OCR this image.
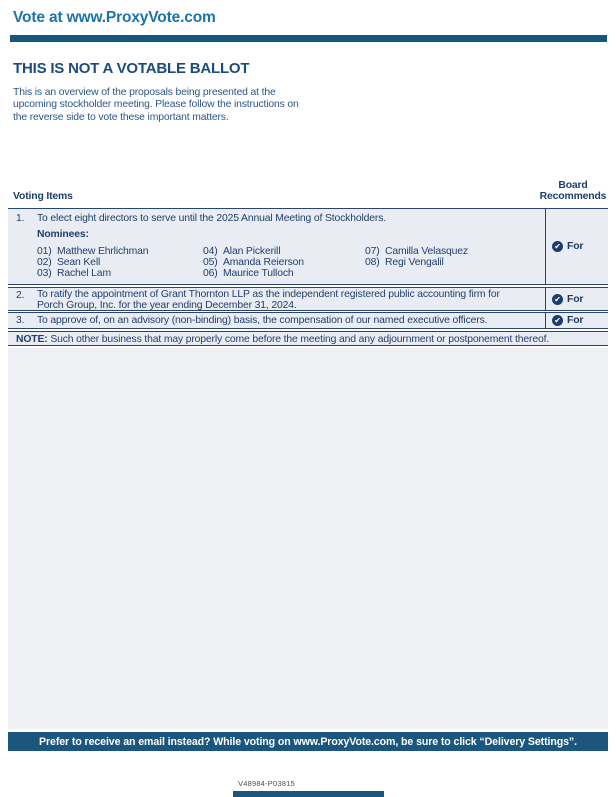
Vote at www.ProxyVote.com
THIS IS NOT A VOTABLE BALLOT
This is an overview of the proposals being presented at the
upcoming stockholder meeting. Please follow the instructions on
the reverse side to vote these important matters.
Voting Items
Board
Recommends
1. To elect eight directors to serve until the 2025 Annual Meeting of Stockholders.
Nominees:
01) Matthew Ehrlichman
02) Sean Kell
03) Rachel Lam
04) Alan Pickerill
05) Amanda Reierson
06) Maurice Tulloch
07) Camilla Velasquez
08) Regi Vengalil
✔ For
2. To ratify the appointment of Grant Thornton LLP as the independent registered public accounting firm for
Porch Group, Inc. for the year ending December 31, 2024.
✔ For
3. To approve of, on an advisory (non-binding) basis, the compensation of our named executive officers.	✔ For
NOTE: Such other business that may properly come before the meeting and any adjournment or postponement thereof.
Prefer to receive an email instead? While voting on www.ProxyVote.com, be sure to click “Delivery Settings”.
V48984-P03815
